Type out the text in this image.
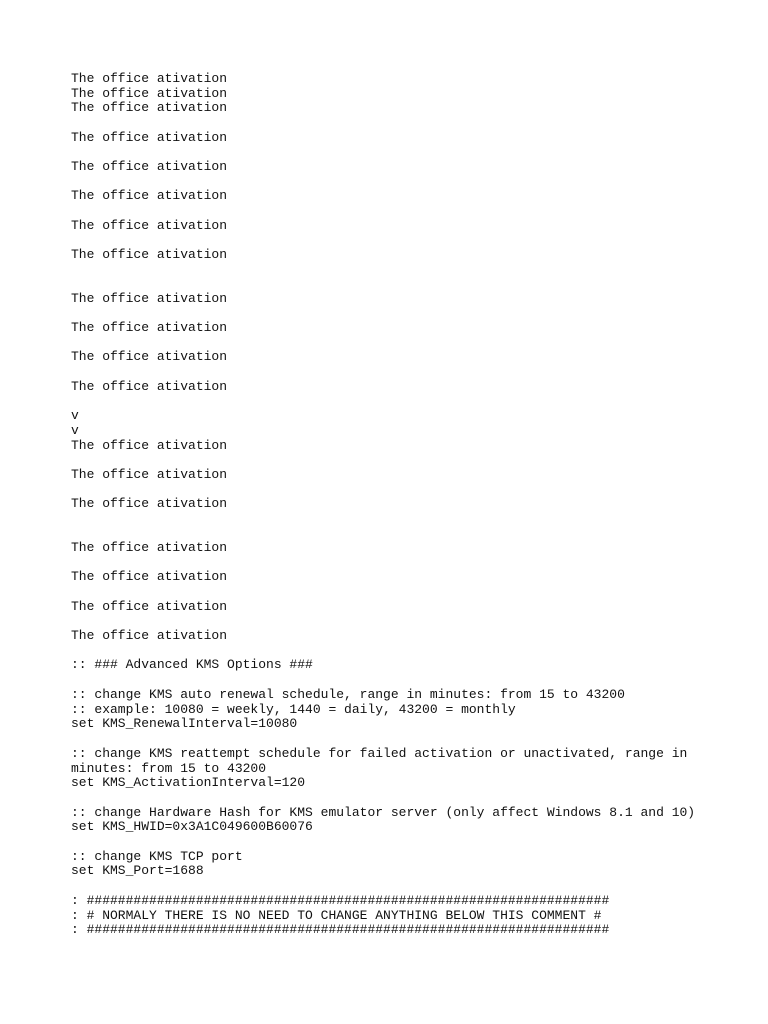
The office ativation

The office ativation

The office ativation

The office ativation

The office ativation

The office ativation

The office ativation

The office ativation

The office ativation

The office ativation

The office ativation

The office ativation

v

v

The office ativation

The office ativation

The office ativation

The office ativation

The office ativation

The office ativation

The office ativation

:: ### Advanced KMS Options ###

:: change KMS auto renewal schedule, range in minutes: from 15 to 43200

:: example: 10080 = weekly, 1440 = daily, 43200 = monthly

set KMS_RenewalInterval=10080

:: change KMS reattempt schedule for failed activation or unactivated, range in

minutes: from 15 to 43200

set KMS_ActivationInterval=120

:: change Hardware Hash for KMS emulator server (only affect Windows 8.1 and 10)

set KMS_HWID=0x3A1C049600B60076

:: change KMS TCP port

set KMS_Port=1688

: ###################################################################

: # NORMALY THERE IS NO NEED TO CHANGE ANYTHING BELOW THIS COMMENT #

: ###################################################################
